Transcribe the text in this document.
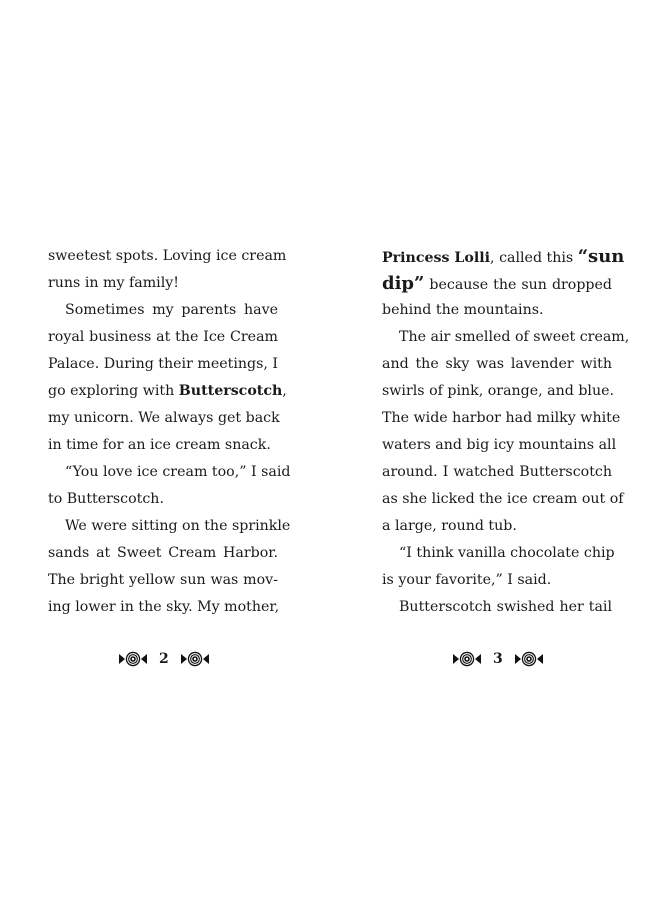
sweetest spots. Loving ice cream
runs in my family!
Sometimes my parents have
royal business at the Ice Cream
Palace. During their meetings, I
go exploring with Butterscotch,
my unicorn. We always get back
in time for an ice cream snack.
“You love ice cream too,” I said
to Butterscotch.
We were sitting on the sprinkle
sands at Sweet Cream Harbor.
The bright yellow sun was mov-
ing lower in the sky. My mother,
2
Princess Lolli, called this “sun
dip” because the sun dropped
behind the mountains.
The air smelled of sweet cream,
and the sky was lavender with
swirls of pink, orange, and blue.
The wide harbor had milky white
waters and big icy mountains all
around. I watched Butterscotch
as she licked the ice cream out of
a large, round tub.
“I think vanilla chocolate chip
is your favorite,” I said.
Butterscotch swished her tail
3
